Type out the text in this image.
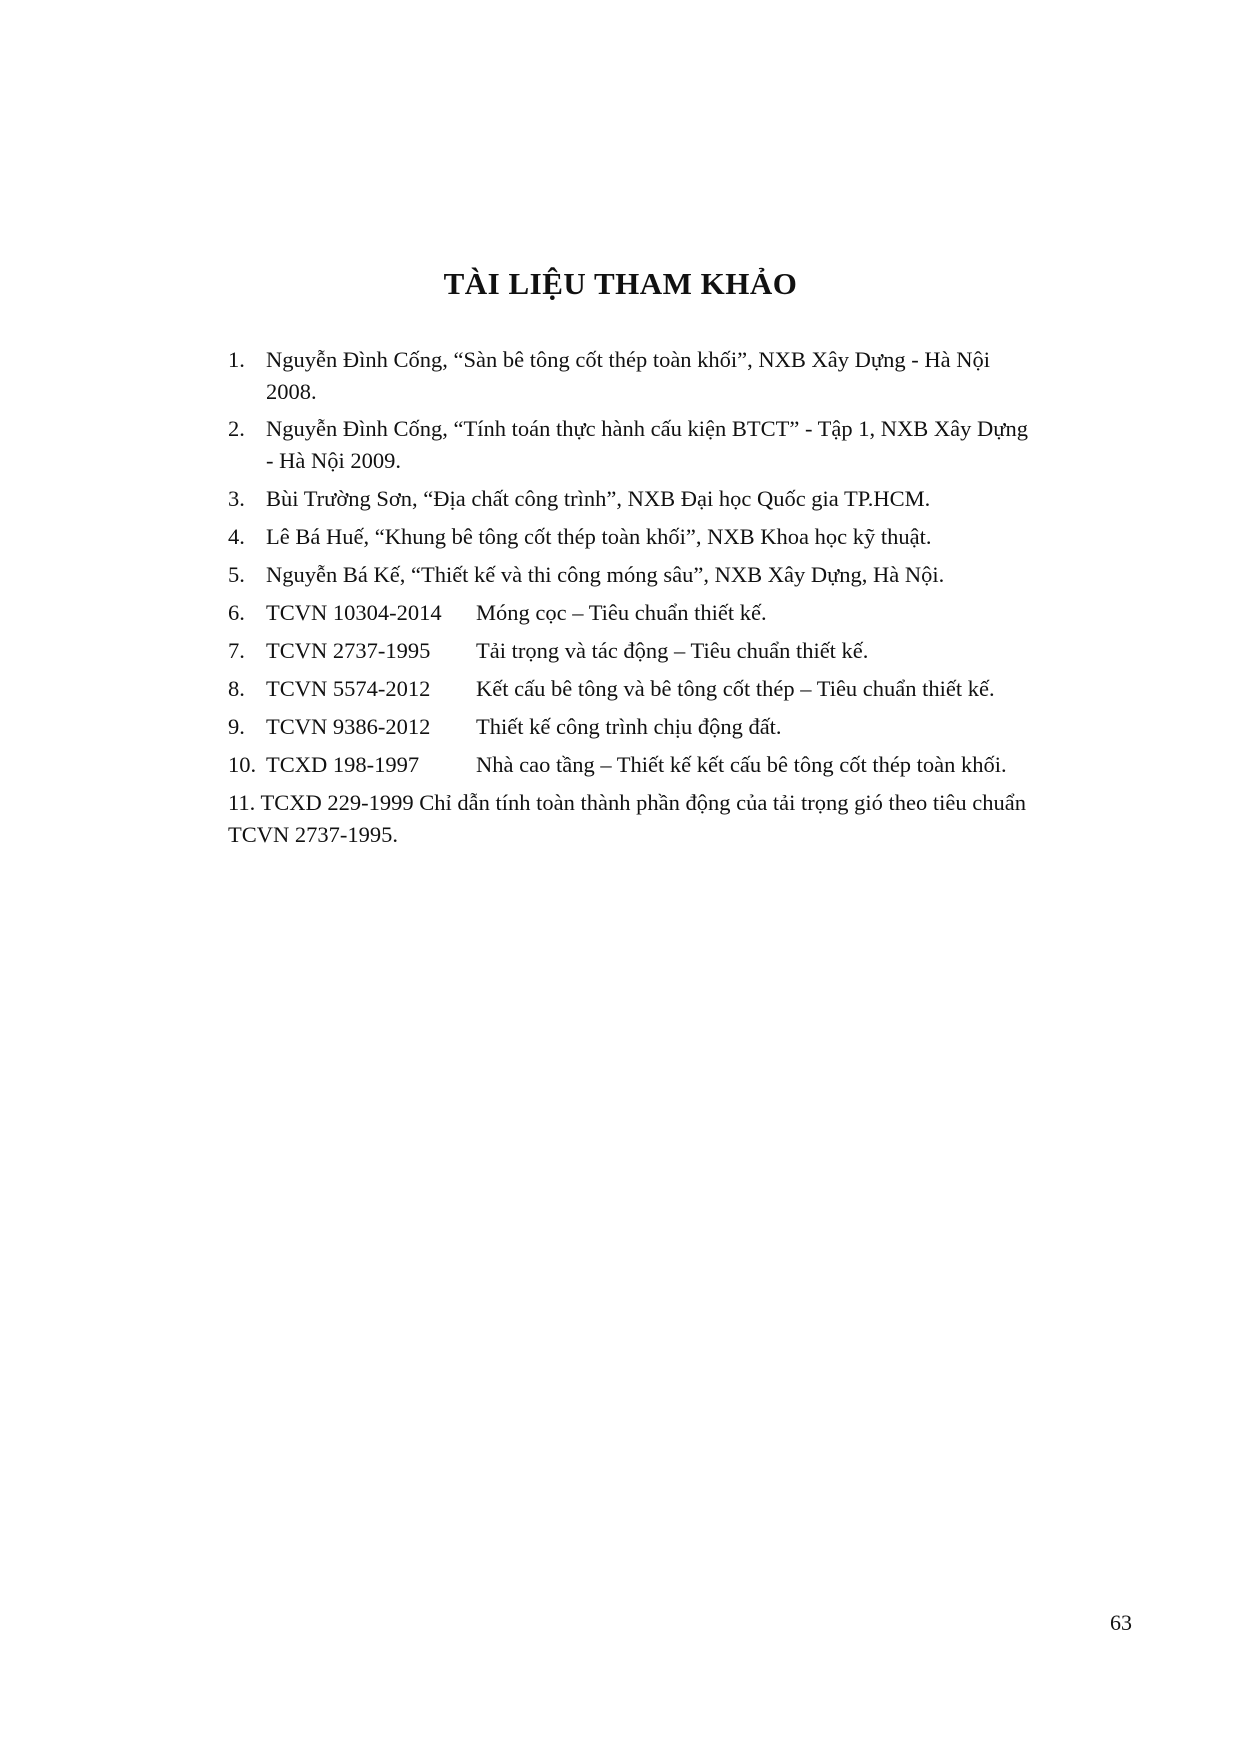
TÀI LIỆU THAM KHẢO
1. Nguyễn Đình Cống, “Sàn bê tông cốt thép toàn khối”, NXB Xây Dựng - Hà Nội
2008.
2. Nguyễn Đình Cống, “Tính toán thực hành cấu kiện BTCT” - Tập 1, NXB Xây Dựng
- Hà Nội 2009.
3. Bùi Trường Sơn, “Địa chất công trình”, NXB Đại học Quốc gia TP.HCM.
4. Lê Bá Huế, “Khung bê tông cốt thép toàn khối”, NXB Khoa học kỹ thuật.
5. Nguyễn Bá Kế, “Thiết kế và thi công móng sâu”, NXB Xây Dựng, Hà Nội.
6. TCVN 10304-2014 Móng cọc – Tiêu chuẩn thiết kế.
7. TCVN 2737-1995 Tải trọng và tác động – Tiêu chuẩn thiết kế.
8. TCVN 5574-2012 Kết cấu bê tông và bê tông cốt thép – Tiêu chuẩn thiết kế.
9. TCVN 9386-2012 Thiết kế công trình chịu động đất.
10. TCXD 198-1997	Nhà cao tầng – Thiết kế kết cấu bê tông cốt thép toàn khối.
11. TCXD 229-1999 Chỉ dẫn tính toàn thành phần động của tải trọng gió theo tiêu chuẩn
TCVN 2737-1995.
63
